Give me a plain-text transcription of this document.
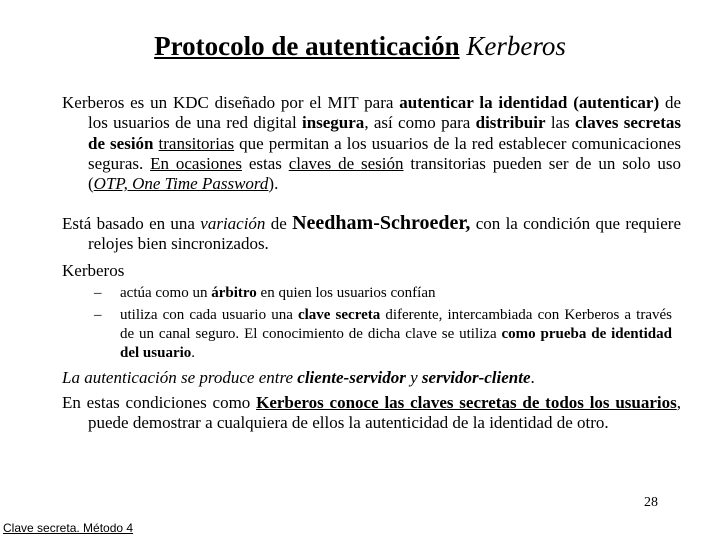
Protocolo de autenticación Kerberos
Kerberos es un KDC diseñado por el MIT para autenticar la identidad (autenticar) de los usuarios de una red digital insegura, así como para distribuir las claves secretas de sesión transitorias que permitan a los usuarios de la red establecer comunicaciones seguras. En ocasiones estas claves de sesión transitorias pueden ser de un solo uso (OTP, One Time Password).
Está basado en una variación de Needham-Schroeder, con la condición que requiere relojes bien sincronizados.
Kerberos
– actúa como un árbitro en quien los usuarios confían
– utiliza con cada usuario una clave secreta diferente, intercambiada con Kerberos a través de un canal seguro. El conocimiento de dicha clave se utiliza como prueba de identidad del usuario.
La autenticación se produce entre cliente-servidor y servidor-cliente.
En estas condiciones como Kerberos conoce las claves secretas de todos los usuarios, puede demostrar a cualquiera de ellos la autenticidad de la identidad de otro.
28
Clave secreta. Método 4
